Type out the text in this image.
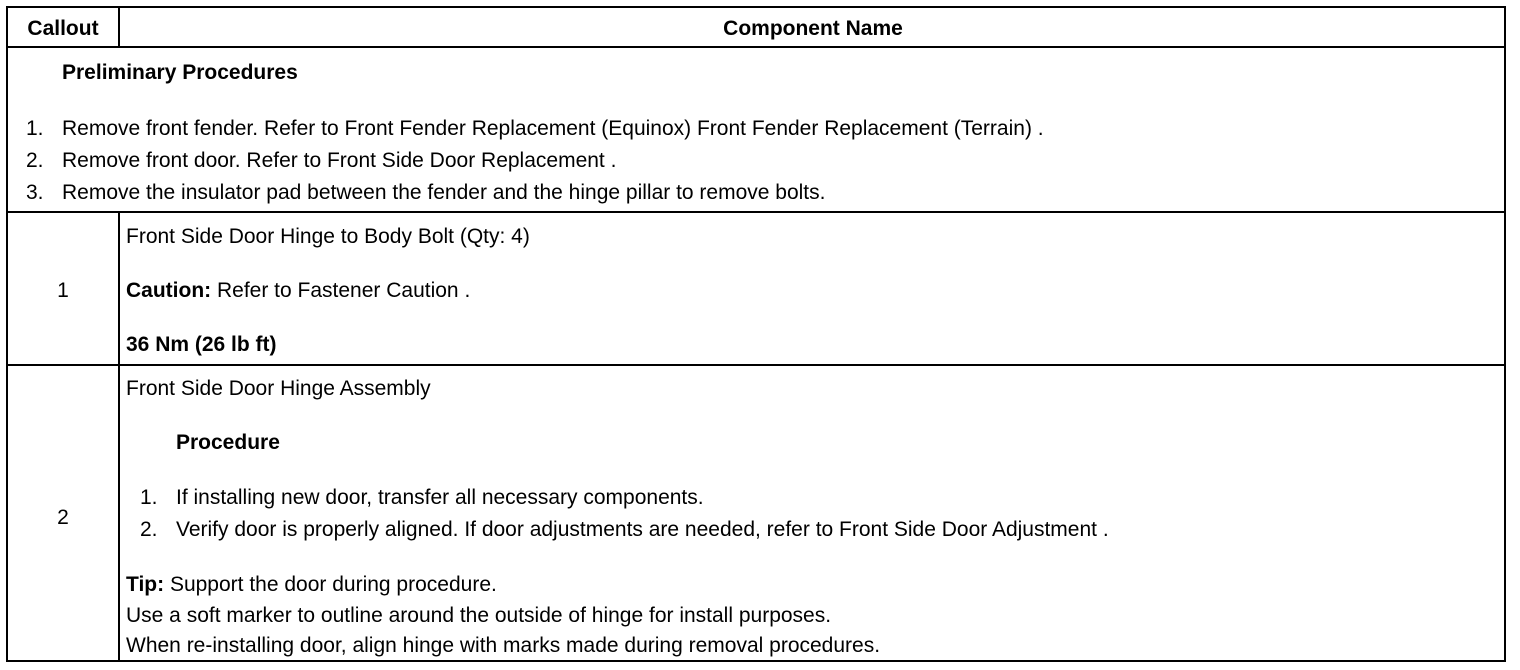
Callout	Component Name
Preliminary Procedures
1. Remove front fender. Refer to Front Fender Replacement (Equinox) Front Fender Replacement (Terrain) .
2. Remove front door. Refer to Front Side Door Replacement .
3. Remove the insulator pad between the fender and the hinge pillar to remove bolts.
1
Front Side Door Hinge to Body Bolt (Qty: 4)
Caution: Refer to Fastener Caution .
36 Nm (26 lb ft)
2
Front Side Door Hinge Assembly
Procedure
1. If installing new door, transfer all necessary components.
2. Verify door is properly aligned. If door adjustments are needed, refer to Front Side Door Adjustment .
Tip: Support the door during procedure.
Use a soft marker to outline around the outside of hinge for install purposes.
When re-installing door, align hinge with marks made during removal procedures.
